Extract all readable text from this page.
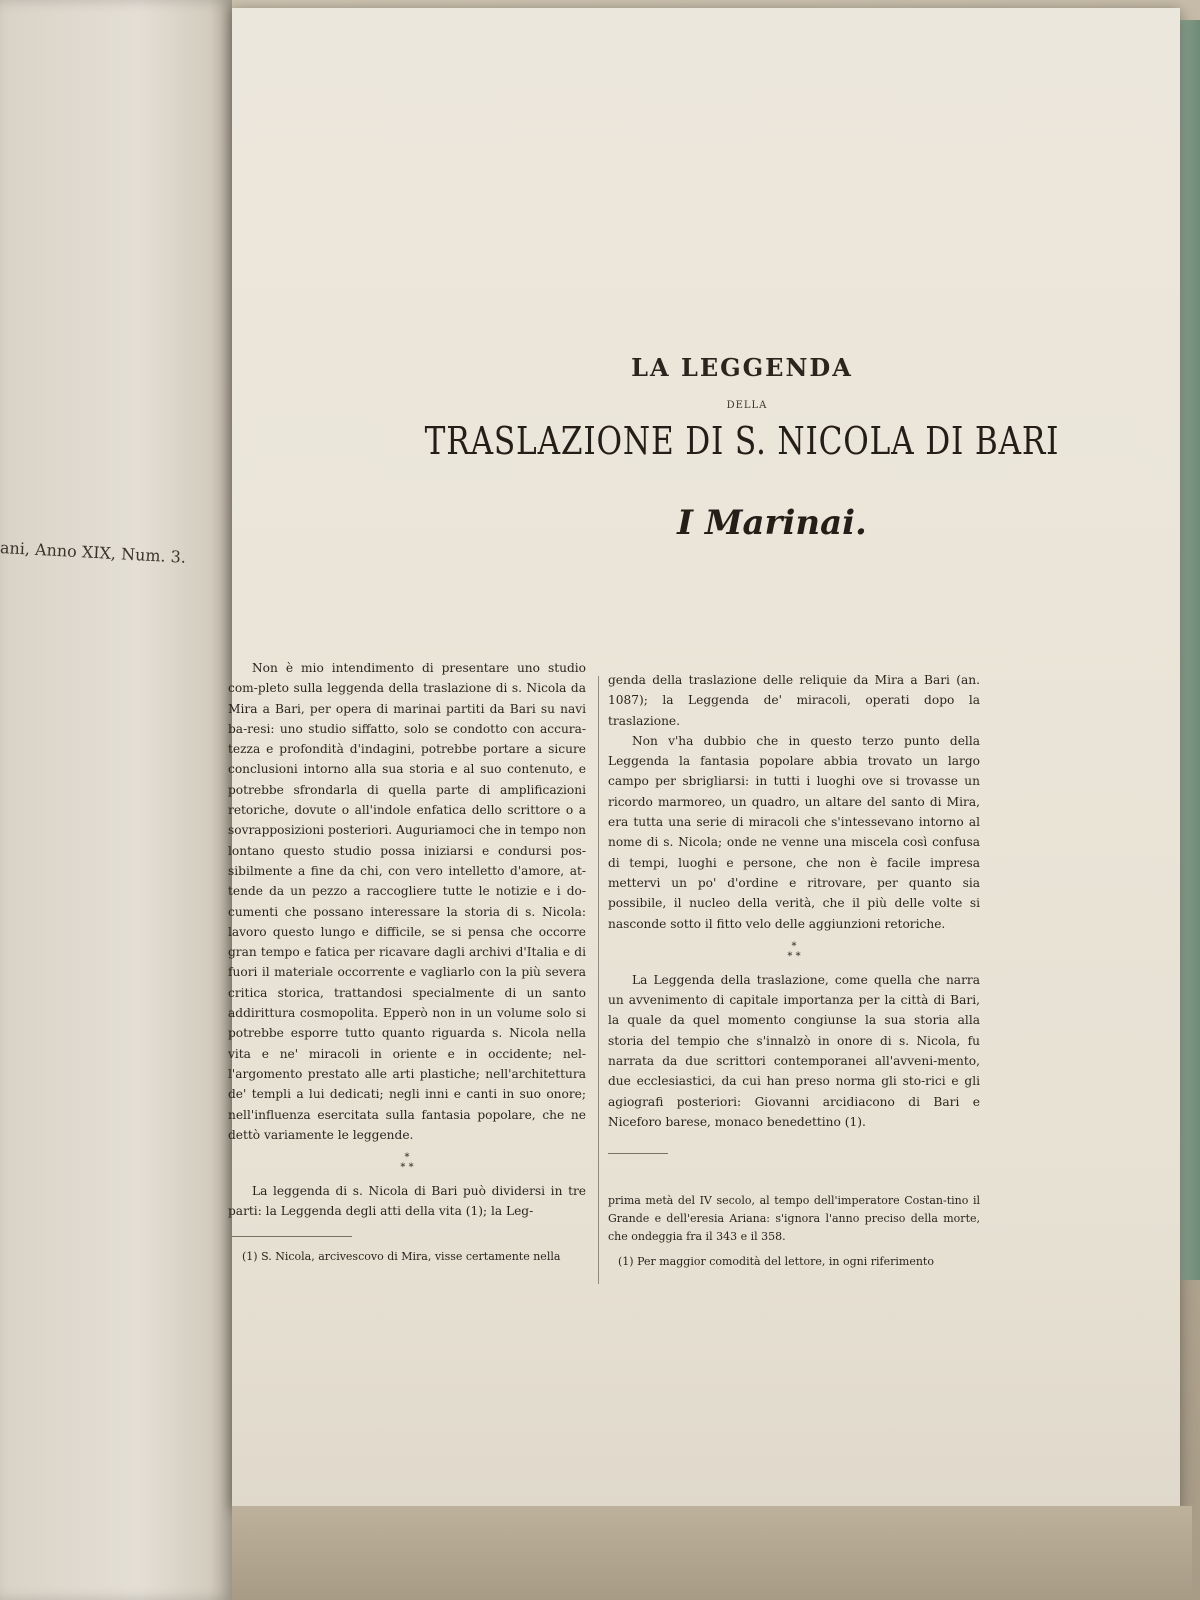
ani, Anno XIX, Num. 3.
LA LEGGENDA
DELLA
TRASLAZIONE DI S. NICOLA DI BARI
I Marinai.

Non è mio intendimento di presentare uno studio com-pleto sulla leggenda della traslazione di s. Nicola da Mira a Bari, per opera di marinai partiti da Bari su navi ba-resi: uno studio siffatto, solo se condotto con accura-tezza e profondità d'indagini, potrebbe portare a sicure conclusioni intorno alla sua storia e al suo contenuto, e potrebbe sfrondarla di quella parte di amplificazioni retoriche, dovute o all'indole enfatica dello scrittore o a sovrapposizioni posteriori. Auguriamoci che in tempo non lontano questo studio possa iniziarsi e condursi pos-sibilmente a fine da chi, con vero intelletto d'amore, at-tende da un pezzo a raccogliere tutte le notizie e i do-cumenti che possano interessare la storia di s. Nicola: lavoro questo lungo e difficile, se si pensa che occorre gran tempo e fatica per ricavare dagli archivi d'Italia e di fuori il materiale occorrente e vagliarlo con la più severa critica storica, trattandosi specialmente di un santo addirittura cosmopolita. Epperò non in un volume solo si potrebbe esporre tutto quanto riguarda s. Nicola nella vita e ne' miracoli in oriente e in occidente; nel-l'argomento prestato alle arti plastiche; nell'architettura de' templi a lui dedicati; negli inni e canti in suo onore; nell'influenza esercitata sulla fantasia popolare, che ne dettò variamente le leggende.

*
* *

La leggenda di s. Nicola di Bari può dividersi in tre parti: la Leggenda degli atti della vita (1); la Leg-

genda della traslazione delle reliquie da Mira a Bari (an. 1087); la Leggenda de' miracoli, operati dopo la traslazione.

Non v'ha dubbio che in questo terzo punto della Leggenda la fantasia popolare abbia trovato un largo campo per sbrigliarsi: in tutti i luoghi ove si trovasse un ricordo marmoreo, un quadro, un altare del santo di Mira, era tutta una serie di miracoli che s'intessevano intorno al nome di s. Nicola; onde ne venne una miscela così confusa di tempi, luoghi e persone, che non è facile impresa mettervi un po' d'ordine e ritrovare, per quanto sia possibile, il nucleo della verità, che il più delle volte si nasconde sotto il fitto velo delle aggiunzioni retoriche.

*
* *

La Leggenda della traslazione, come quella che narra un avvenimento di capitale importanza per la città di Bari, la quale da quel momento congiunse la sua storia alla storia del tempio che s'innalzò in onore di s. Nicola, fu narrata da due scrittori contemporanei all'avveni-mento, due ecclesiastici, da cui han preso norma gli sto-rici e gli agiografi posteriori: Giovanni arcidiacono di Bari e Niceforo barese, monaco benedettino (1).

(1) S. Nicola, arcivescovo di Mira, visse certamente nella
prima metà del IV secolo, al tempo dell'imperatore Costan-tino il Grande e dell'eresia Ariana: s'ignora l'anno preciso della morte, che ondeggia fra il 343 e il 358.
(1) Per maggior comodità del lettore, in ogni riferimento
